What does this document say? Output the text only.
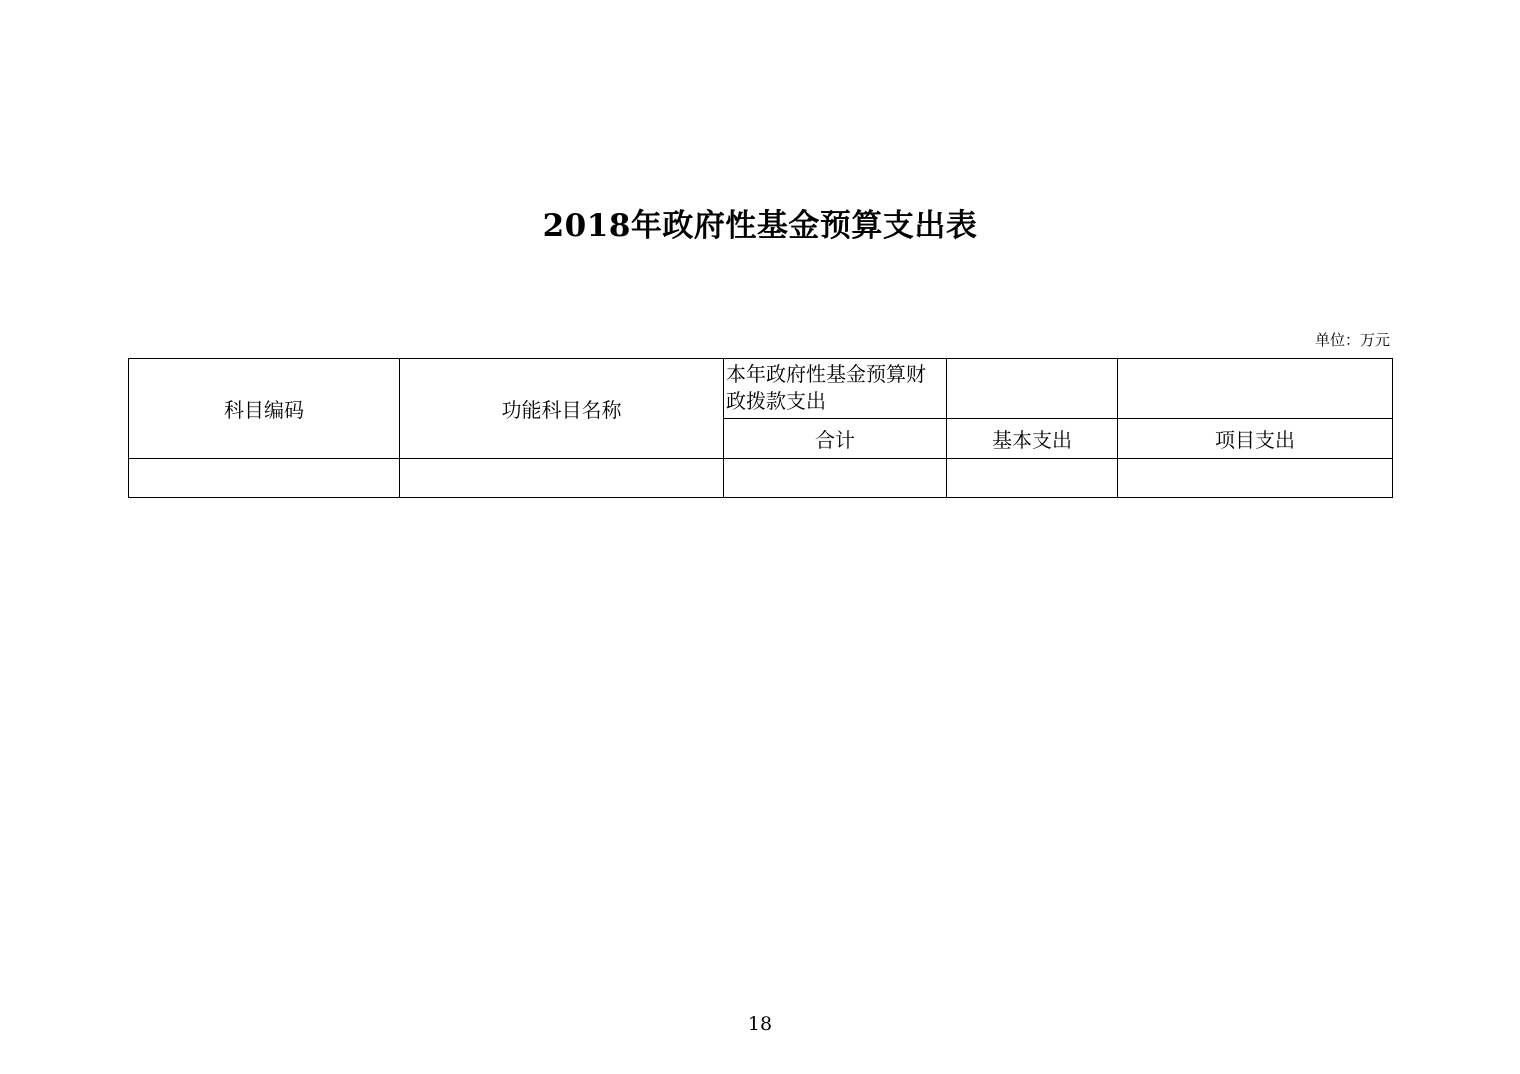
2018年政府性基金预算支出表
单位：万元
科目编码	功能科目名称	本年政府性基金预算财政拨款支出		
		合计	基本支出	项目支出

18
